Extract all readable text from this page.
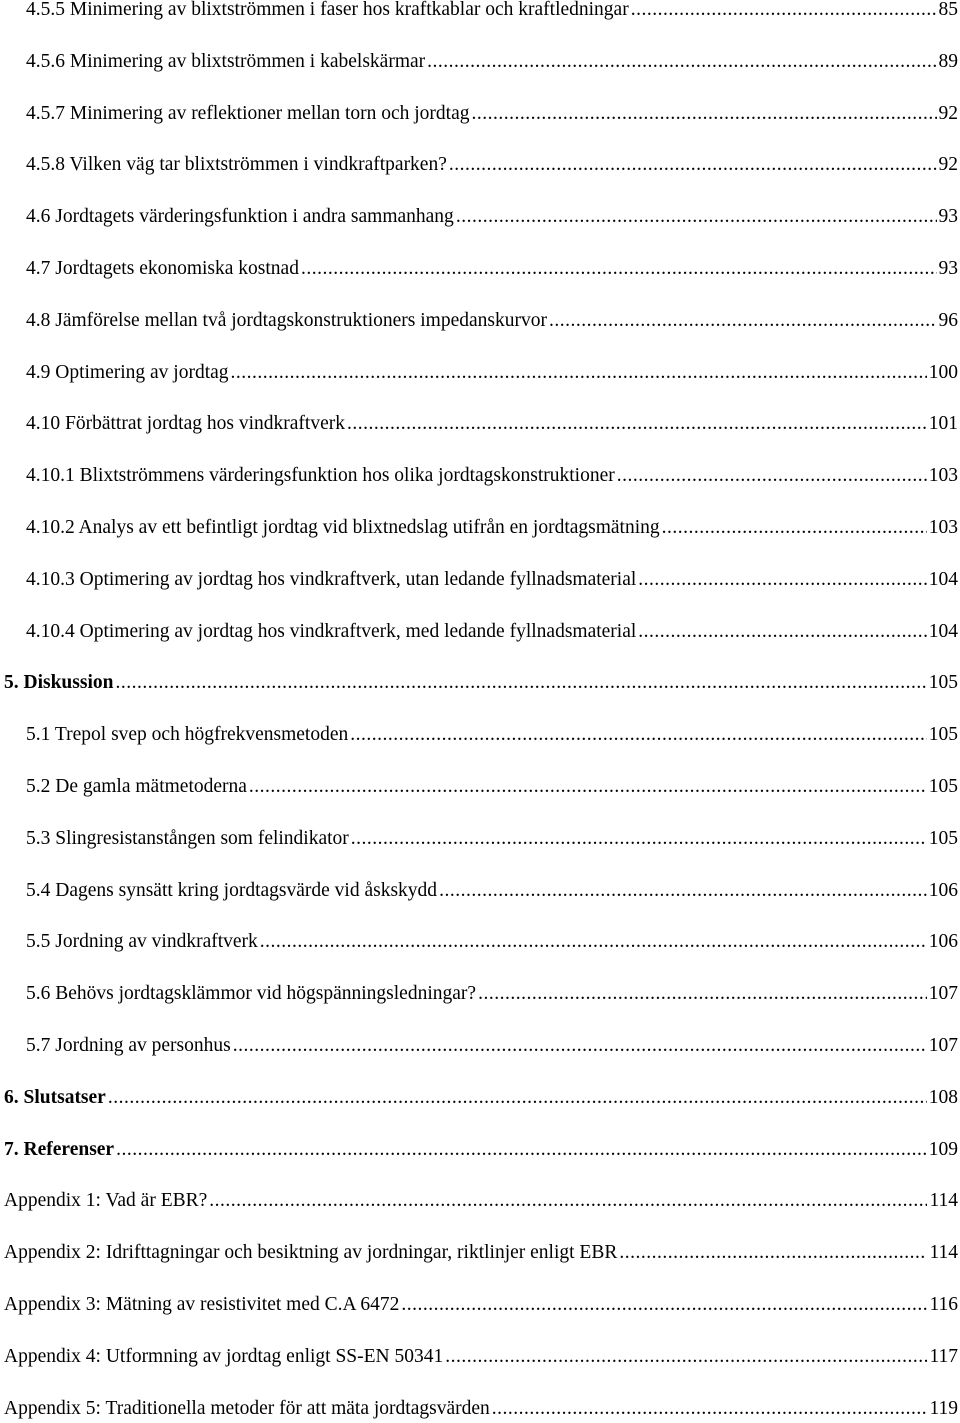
4.5.5 Minimering av blixtströmmen i faser hos kraftkablar och kraftledningar .....	85
4.5.6 Minimering av blixtströmmen i kabelskärmar .....	89
4.5.7 Minimering av reflektioner mellan torn och jordtag .....	92
4.5.8 Vilken väg tar blixtströmmen i vindkraftparken? .....	92
4.6 Jordtagets värderingsfunktion i andra sammanhang .....	93
4.7 Jordtagets ekonomiska kostnad .....	93
4.8 Jämförelse mellan två jordtagskonstruktioners impedanskurvor .....	96
4.9 Optimering av jordtag .....	100
4.10 Förbättrat jordtag hos vindkraftverk .....	101
4.10.1 Blixtströmmens värderingsfunktion hos olika jordtagskonstruktioner .....	103
4.10.2 Analys av ett befintligt jordtag vid blixtnedslag utifrån en jordtagsmätning .....	103
4.10.3 Optimering av jordtag hos vindkraftverk, utan ledande fyllnadsmaterial .....	104
4.10.4 Optimering av jordtag hos vindkraftverk, med ledande fyllnadsmaterial .....	104
5. Diskussion .....	105
5.1 Trepol svep och högfrekvensmetoden .....	105
5.2 De gamla mätmetoderna .....	105
5.3 Slingresistanstången som felindikator .....	105
5.4 Dagens synsätt kring jordtagsvärde vid åskskydd .....	106
5.5 Jordning av vindkraftverk .....	106
5.6 Behövs jordtagsklämmor vid högspänningsledningar? .....	107
5.7 Jordning av personhus .....	107
6. Slutsatser .....	108
7. Referenser .....	109
Appendix 1: Vad är EBR? .....	114
Appendix 2: Idrifttagningar och besiktning av jordningar, riktlinjer enligt EBR .....	114
Appendix 3: Mätning av resistivitet med C.A 6472 .....	116
Appendix 4: Utformning av jordtag enligt SS-EN 50341 .....	117
Appendix 5: Traditionella metoder för att mäta jordtagsvärden .....	119
